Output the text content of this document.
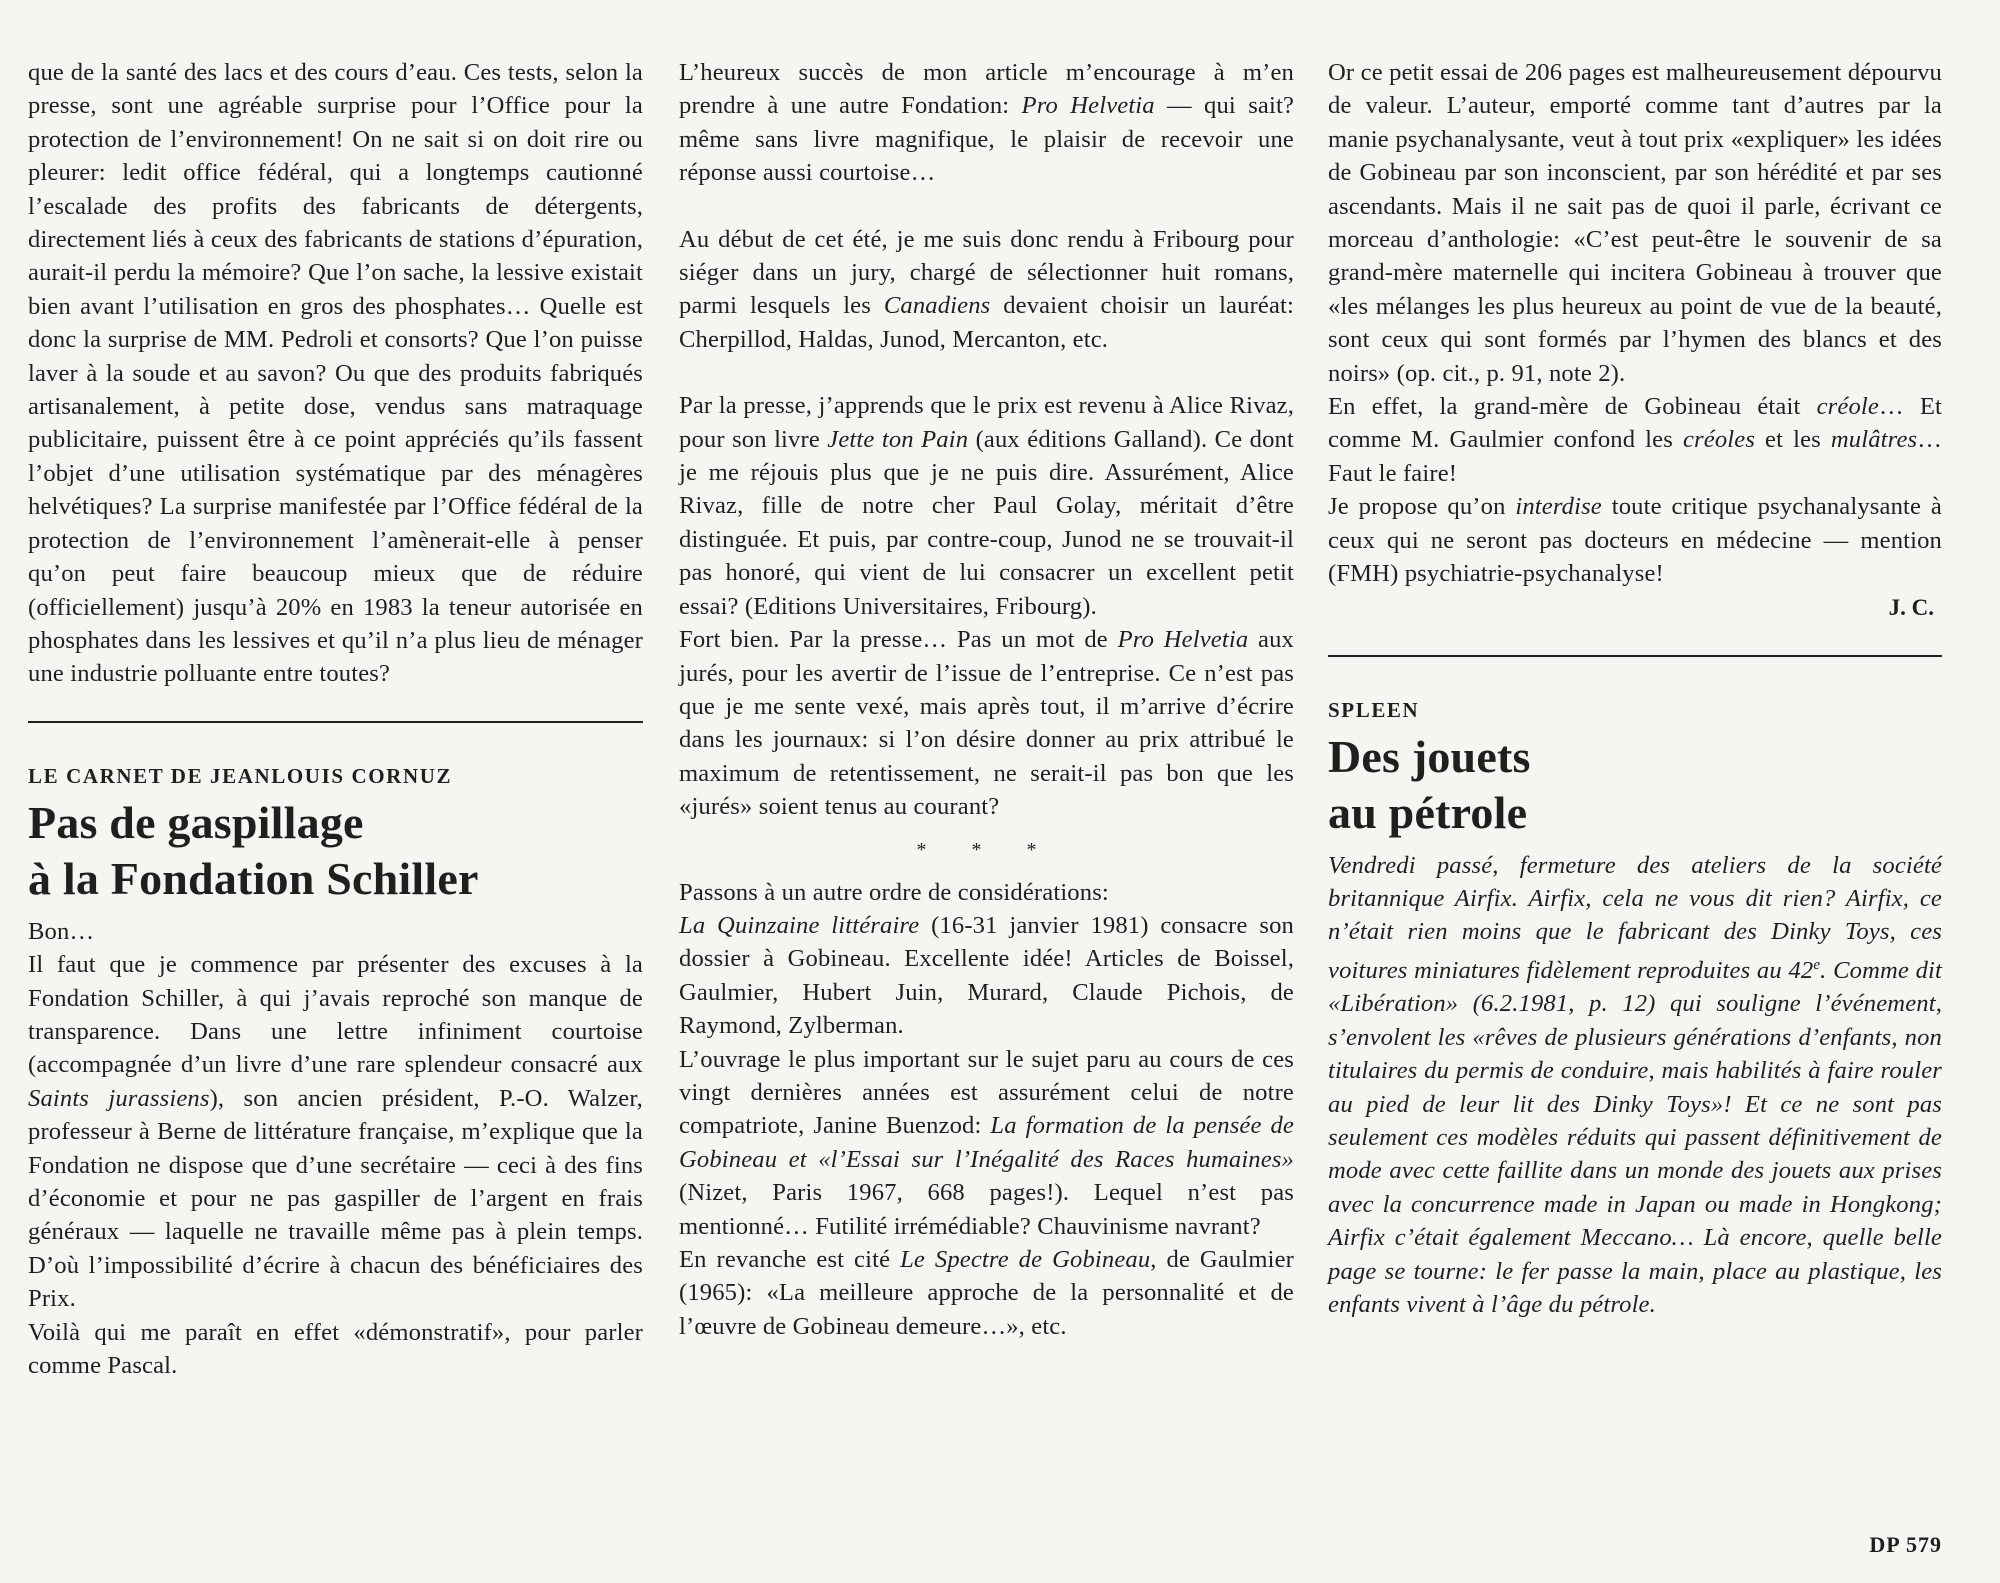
que de la santé des lacs et des cours d’eau. Ces tests, selon la presse, sont une agréable surprise pour l’Office pour la protection de l’environnement! On ne sait si on doit rire ou pleurer: ledit office fédéral, qui a longtemps cautionné l’escalade des profits des fabricants de détergents, directement liés à ceux des fabricants de stations d’épuration, aurait-il perdu la mémoire? Que l’on sache, la lessive existait bien avant l’utilisation en gros des phosphates… Quelle est donc la surprise de MM. Pedroli et consorts? Que l’on puisse laver à la soude et au savon? Ou que des produits fabriqués artisanalement, à petite dose, vendus sans matraquage publicitaire, puissent être à ce point appréciés qu’ils fassent l’objet d’une utilisation systématique par des ménagères helvétiques? La surprise manifestée par l’Office fédéral de la protection de l’environnement l’amènerait-elle à penser qu’on peut faire beaucoup mieux que de réduire (officiellement) jusqu’à 20% en 1983 la teneur autorisée en phosphates dans les lessives et qu’il n’a plus lieu de ménager une industrie polluante entre toutes?

LE CARNET DE JEANLOUIS CORNUZ
Pas de gaspillage
à la Fondation Schiller

Bon…

Il faut que je commence par présenter des excuses à la Fondation Schiller, à qui j’avais reproché son manque de transparence. Dans une lettre infiniment courtoise (accompagnée d’un livre d’une rare splendeur consacré aux Saints jurassiens), son ancien président, P.-O. Walzer, professeur à Berne de littérature française, m’explique que la Fondation ne dispose que d’une secrétaire — ceci à des fins d’économie et pour ne pas gaspiller de l’argent en frais généraux — laquelle ne travaille même pas à plein temps. D’où l’impossibilité d’écrire à chacun des bénéficiaires des Prix.

Voilà qui me paraît en effet «démonstratif», pour parler comme Pascal.

L’heureux succès de mon article m’encourage à m’en prendre à une autre Fondation: Pro Helvetia — qui sait? même sans livre magnifique, le plaisir de recevoir une réponse aussi courtoise…

Au début de cet été, je me suis donc rendu à Fribourg pour siéger dans un jury, chargé de sélectionner huit romans, parmi lesquels les Canadiens devaient choisir un lauréat: Cherpillod, Haldas, Junod, Mercanton, etc.

Par la presse, j’apprends que le prix est revenu à Alice Rivaz, pour son livre Jette ton Pain (aux éditions Galland). Ce dont je me réjouis plus que je ne puis dire. Assurément, Alice Rivaz, fille de notre cher Paul Golay, méritait d’être distinguée. Et puis, par contre-coup, Junod ne se trouvait-il pas honoré, qui vient de lui consacrer un excellent petit essai? (Editions Universitaires, Fribourg).

Fort bien. Par la presse… Pas un mot de Pro Helvetia aux jurés, pour les avertir de l’issue de l’entreprise. Ce n’est pas que je me sente vexé, mais après tout, il m’arrive d’écrire dans les journaux: si l’on désire donner au prix attribué le maximum de retentissement, ne serait-il pas bon que les «jurés» soient tenus au courant?

* * *

Passons à un autre ordre de considérations:

La Quinzaine littéraire (16-31 janvier 1981) consacre son dossier à Gobineau. Excellente idée! Articles de Boissel, Gaulmier, Hubert Juin, Murard, Claude Pichois, de Raymond, Zylberman.

L’ouvrage le plus important sur le sujet paru au cours de ces vingt dernières années est assurément celui de notre compatriote, Janine Buenzod: La formation de la pensée de Gobineau et «l’Essai sur l’Inégalité des Races humaines» (Nizet, Paris 1967, 668 pages!). Lequel n’est pas mentionné… Futilité irrémédiable? Chauvinisme navrant?

En revanche est cité Le Spectre de Gobineau, de Gaulmier (1965): «La meilleure approche de la personnalité et de l’œuvre de Gobineau demeure…», etc.

Or ce petit essai de 206 pages est malheureusement dépourvu de valeur. L’auteur, emporté comme tant d’autres par la manie psychanalysante, veut à tout prix «expliquer» les idées de Gobineau par son inconscient, par son hérédité et par ses ascendants. Mais il ne sait pas de quoi il parle, écrivant ce morceau d’anthologie: «C’est peut-être le souvenir de sa grand-mère maternelle qui incitera Gobineau à trouver que «les mélanges les plus heureux au point de vue de la beauté, sont ceux qui sont formés par l’hymen des blancs et des noirs» (op. cit., p. 91, note 2).

En effet, la grand-mère de Gobineau était créole… Et comme M. Gaulmier confond les créoles et les mulâtres… Faut le faire!

Je propose qu’on interdise toute critique psychanalysante à ceux qui ne seront pas docteurs en médecine — mention (FMH) psychiatrie-psychanalyse!

J. C.
SPLEEN
Des jouets
au pétrole

Vendredi passé, fermeture des ateliers de la société britannique Airfix. Airfix, cela ne vous dit rien? Airfix, ce n’était rien moins que le fabricant des Dinky Toys, ces voitures miniatures fidèlement reproduites au 42e. Comme dit «Libération» (6.2.1981, p. 12) qui souligne l’événement, s’envolent les «rêves de plusieurs générations d’enfants, non titulaires du permis de conduire, mais habilités à faire rouler au pied de leur lit des Dinky Toys»! Et ce ne sont pas seulement ces modèles réduits qui passent définitivement de mode avec cette faillite dans un monde des jouets aux prises avec la concurrence made in Japan ou made in Hongkong; Airfix c’était également Meccano… Là encore, quelle belle page se tourne: le fer passe la main, place au plastique, les enfants vivent à l’âge du pétrole.

DP 579
